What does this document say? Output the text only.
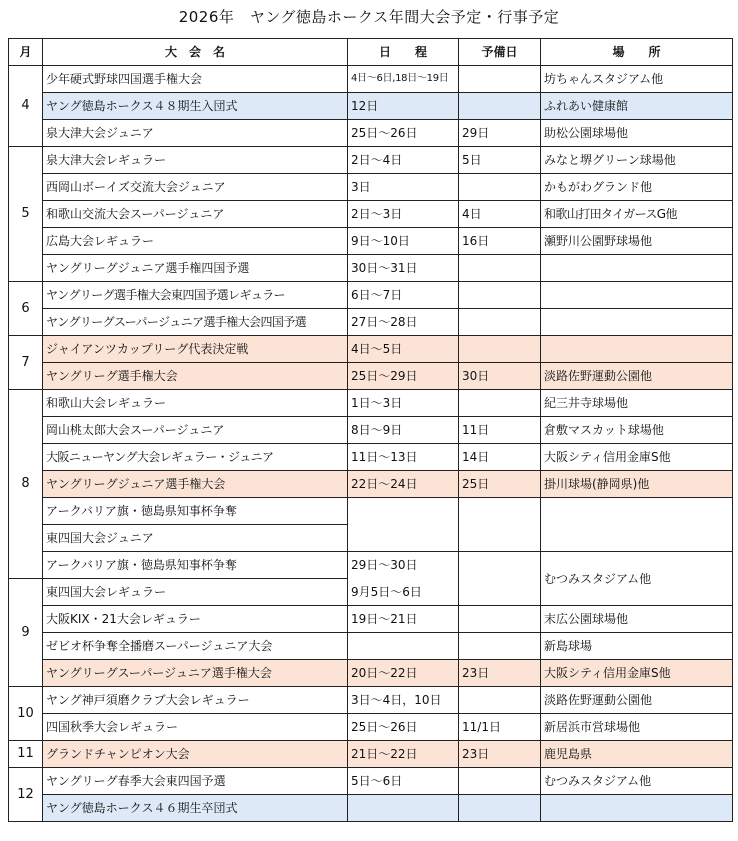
2026年　ヤング徳島ホークス年間大会予定・行事予定
月	大　会　名	日　　程	予備日	場　　所
4	少年硬式野球四国選手権大会	4日～6日,18日～19日		坊ちゃんスタジアム他
	ヤング徳島ホークス４８期生入団式	12日		ふれあい健康館
	泉大津大会ジュニア	25日～26日	29日	助松公園球場他
5	泉大津大会レギュラー	2日～4日	5日	みなと堺グリーン球場他
	西岡山ボーイズ交流大会ジュニア	3日		かもがわグランド他
	和歌山交流大会スーパージュニア	2日～3日	4日	和歌山打田タイガースG他
	広島大会レギュラー	9日～10日	16日	瀬野川公園野球場他
	ヤングリーグジュニア選手権四国予選	30日～31日		
6	ヤングリーグ選手権大会東四国予選レギュラー	6日～7日		
	ヤングリーグスーパージュニア選手権大会四国予選	27日～28日		
7	ジャイアンツカップリーグ代表決定戦	4日～5日		
	ヤングリーグ選手権大会	25日～29日	30日	淡路佐野運動公園他
8	和歌山大会レギュラー	1日～3日		紀三井寺球場他
	岡山桃太郎大会スーパージュニア	8日～9日	11日	倉敷マスカット球場他
	大阪ニューヤング大会レギュラー・ジュニア	11日～13日	14日	大阪シティ信用金庫S他
	ヤングリーグジュニア選手権大会	22日～24日	25日	掛川球場(静岡県)他
	アークバリア旗・徳島県知事杯争奪			
	東四国大会ジュニア			
	アークバリア旗・徳島県知事杯争奪	29日～30日		むつみスタジアム他
9	東四国大会レギュラー	9月5日～6日		
	大阪KIX・21大会レギュラー	19日～21日		末広公園球場他
	ゼビオ杯争奪全播磨スーパージュニア大会			新島球場
	ヤングリーグスーパージュニア選手権大会	20日～22日	23日	大阪シティ信用金庫S他
10	ヤング神戸須磨クラブ大会レギュラー	3日～4日，10日		淡路佐野運動公園他
	四国秋季大会レギュラー	25日～26日	11/1日	新居浜市営球場他
11	グランドチャンピオン大会	21日～22日	23日	鹿児島県
12	ヤングリーグ春季大会東四国予選	5日～6日		むつみスタジアム他
	ヤング徳島ホークス４６期生卒団式			
